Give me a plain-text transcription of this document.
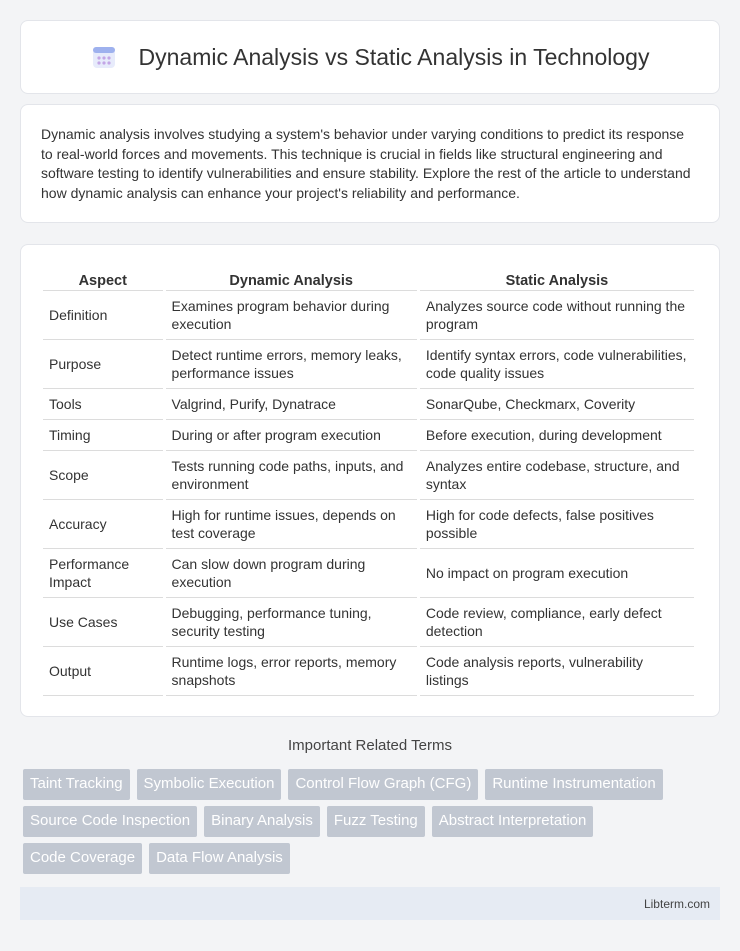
Dynamic Analysis vs Static Analysis in Technology

Dynamic analysis involves studying a system's behavior under varying conditions to predict its response to real-world forces and movements. This technique is crucial in fields like structural engineering and software testing to identify vulnerabilities and ensure stability. Explore the rest of the article to understand how dynamic analysis can enhance your project's reliability and performance.

Aspect	Dynamic Analysis	Static Analysis
Definition	Examines program behavior during execution	Analyzes source code without running the program
Purpose	Detect runtime errors, memory leaks, performance issues	Identify syntax errors, code vulnerabilities, code quality issues
Tools	Valgrind, Purify, Dynatrace	SonarQube, Checkmarx, Coverity
Timing	During or after program execution	Before execution, during development
Scope	Tests running code paths, inputs, and environment	Analyzes entire codebase, structure, and syntax
Accuracy	High for runtime issues, depends on test coverage	High for code defects, false positives possible
Performance Impact	Can slow down program during execution	No impact on program execution
Use Cases	Debugging, performance tuning, security testing	Code review, compliance, early defect detection
Output	Runtime logs, error reports, memory snapshots	Code analysis reports, vulnerability listings
Important Related Terms
Taint Tracking	Symbolic Execution	Control Flow Graph (CFG)	Runtime Instrumentation
Source Code Inspection	Binary Analysis	Fuzz Testing	Abstract Interpretation
Code Coverage	Data Flow Analysis
Libterm.com
